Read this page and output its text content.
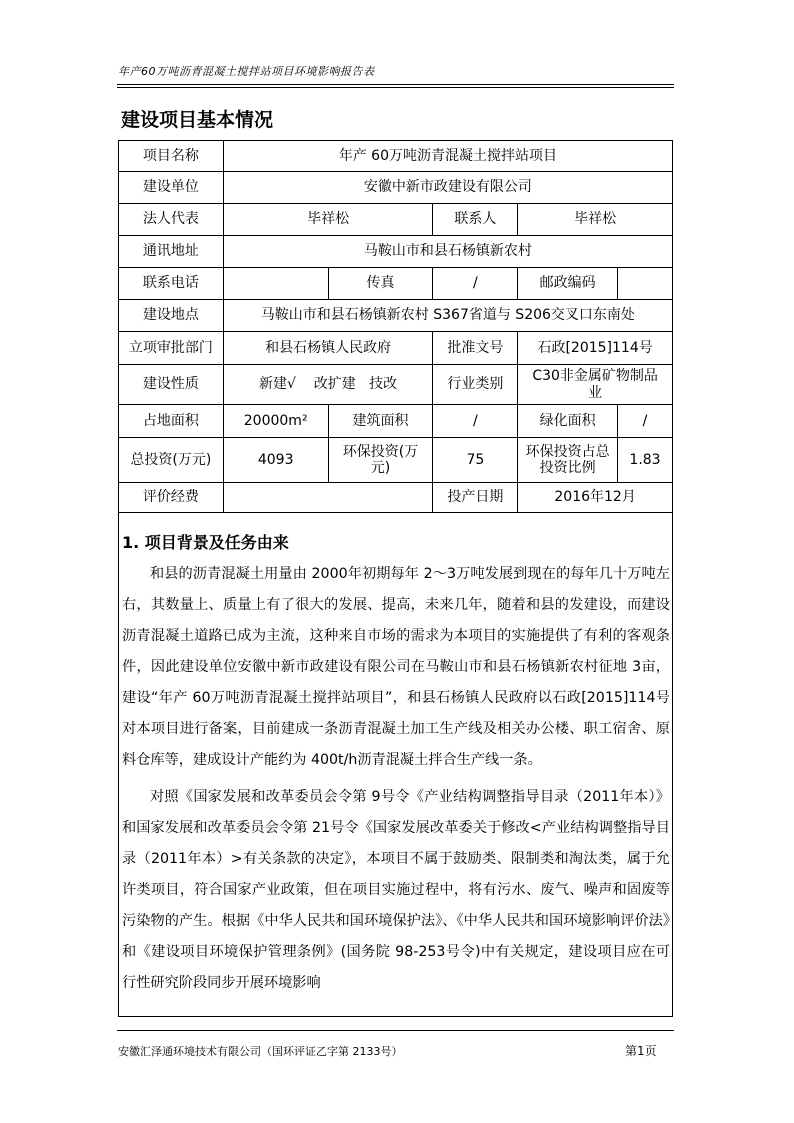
年产60万吨沥青混凝土搅拌站项目环境影响报告表
建设项目基本情况
项目名称	年产 60万吨沥青混凝土搅拌站项目				
建设单位	安徽中新市政建设有限公司				
法人代表	毕祥松		联系人	毕祥松	
通讯地址	马鞍山市和县石杨镇新农村				
联系电话		传真	/	邮政编码	
建设地点	马鞍山市和县石杨镇新农村 S367省道与 S206交叉口东南处				
立项审批部门	和县石杨镇人民政府		批准文号	石政[2015]114号	
建设性质	新建√    改扩建   技改		行业类别	C30非金属矿物制品业	
占地面积	20000m²	建筑面积	/	绿化面积	/
总投资(万元)	4093	环保投资(万元)	75	环保投资占总投资比例	1.83
评价经费			投产日期	2016年12月	
1. 项目背景及任务由来

和县的沥青混凝土用量由 2000年初期每年 2～3万吨发展到现在的每年几十万吨左右，其数量上、质量上有了很大的发展、提高，未来几年，随着和县的发建设，而建设沥青混凝土道路已成为主流，这种来自市场的需求为本项目的实施提供了有利的客观条件，因此建设单位安徽中新市政建设有限公司在马鞍山市和县石杨镇新农村征地 3亩，建设“年产 60万吨沥青混凝土搅拌站项目”，和县石杨镇人民政府以石政[2015]114号对本项目进行备案，目前建成一条沥青混凝土加工生产线及相关办公楼、职工宿舍、原料仓库等，建成设计产能约为 400t/h沥青混凝土拌合生产线一条。

对照《国家发展和改革委员会令第 9号令《产业结构调整指导目录（2011年本）》和国家发展和改革委员会令第 21号令《国家发展改革委关于修改<产业结构调整指导目录（2011年本）>有关条款的决定》，本项目不属于鼓励类、限制类和淘汰类，属于允许类项目，符合国家产业政策，但在项目实施过程中，将有污水、废气、噪声和固废等污染物的产生。根据《中华人民共和国环境保护法》、《中华人民共和国环境影响评价法》和《建设项目环境保护管理条例》(国务院 98-253号令)中有关规定，建设项目应在可行性研究阶段同步开展环境影响

安徽汇泽通环境技术有限公司（国环评证乙字第 2133号）	第1页
